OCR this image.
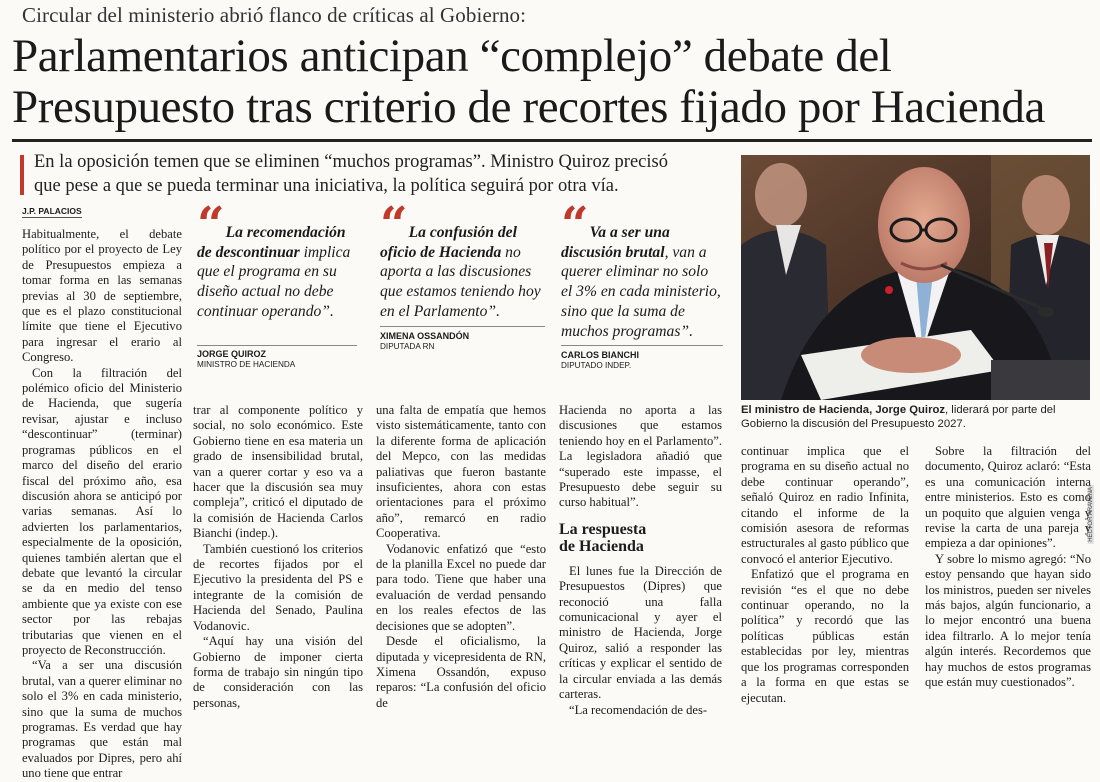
Circular del ministerio abrió flanco de críticas al Gobierno:
Parlamentarios anticipan “complejo” debate del
Presupuesto tras criterio de recortes fijado por Hacienda
En la oposición temen que se eliminen “muchos programas”. Ministro Quiroz precisó
que pese a que se pueda terminar una iniciativa, la política seguirá por otra vía.
J.P. PALACIOS

Habitualmente, el debate político por el proyecto de Ley de Presupuestos empieza a tomar forma en las semanas previas al 30 de septiembre, que es el plazo constitucional límite que tiene el Ejecutivo para ingresar el erario al Congreso.

Con la filtración del polémico oficio del Ministerio de Hacienda, que sugería revisar, ajustar e incluso “descontinuar” (terminar) programas públicos en el marco del diseño del erario fiscal del próximo año, esa discusión ahora se anticipó por varias semanas. Así lo advierten los parlamentarios, especialmente de la oposición, quienes también alertan que el debate que levantó la circular se da en medio del tenso ambiente que ya existe con ese sector por las rebajas tributarias que vienen en el proyecto de Reconstrucción.

“Va a ser una discusión brutal, van a querer eliminar no solo el 3% en cada ministerio, sino que la suma de muchos programas. Es verdad que hay programas que están mal evaluados por Dipres, pero ahí uno tiene que entrar

“ La recomendación de descontinuar implica que el programa en su diseño actual no debe continuar operando”.
JORGE QUIROZ
MINISTRO DE HACIENDA
“ La confusión del oficio de Hacienda no aporta a las discusiones que estamos teniendo hoy en el Parlamento”.
XIMENA OSSANDÓN
DIPUTADA RN
“ Va a ser una discusión brutal, van a querer eliminar no solo el 3% en cada ministerio, sino que la suma de muchos programas”.
CARLOS BIANCHI
DIPUTADO INDEP.

trar al componente político y social, no solo económico. Este Gobierno tiene en esa materia un grado de insensibilidad brutal, van a querer cortar y eso va a hacer que la discusión sea muy compleja”, criticó el diputado de la comisión de Hacienda Carlos Bianchi (indep.).

También cuestionó los criterios de recortes fijados por el Ejecutivo la presidenta del PS e integrante de la comisión de Hacienda del Senado, Paulina Vodanovic.

“Aquí hay una visión del Gobierno de imponer cierta forma de trabajo sin ningún tipo de consideración con las personas,

una falta de empatía que hemos visto sistemáticamente, tanto con la diferente forma de aplicación del Mepco, con las medidas paliativas que fueron bastante insuficientes, ahora con estas orientaciones para el próximo año”, remarcó en radio Cooperativa.

Vodanovic enfatizó que “esto de la planilla Excel no puede dar para todo. Tiene que haber una evaluación de verdad pensando en los reales efectos de las decisiones que se adopten”.

Desde el oficialismo, la diputada y vicepresidenta de RN, Ximena Ossandón, expuso reparos: “La confusión del oficio de

Hacienda no aporta a las discusiones que estamos teniendo hoy en el Parlamento”. La legisladora añadió que “superado este impasse, el Presupuesto debe seguir su curso habitual”.

La respuesta
de Hacienda

El lunes fue la Dirección de Presupuestos (Dipres) que reconoció una falla comunicacional y ayer el ministro de Hacienda, Jorge Quiroz, salió a responder las críticas y explicar el sentido de la circular enviada a las demás carteras.

“La recomendación de des-

HÉCTOR ARAVENA
El ministro de Hacienda, Jorge Quiroz, liderará por parte del Gobierno la discusión del Presupuesto 2027.

continuar implica que el programa en su diseño actual no debe continuar operando”, señaló Quiroz en radio Infinita, citando el informe de la comisión asesora de reformas estructurales al gasto público que convocó el anterior Ejecutivo.

Enfatizó que el programa en revisión “es el que no debe continuar operando, no la política” y recordó que las políticas públicas están establecidas por ley, mientras que los programas corresponden a la forma en que estas se ejecutan.

Sobre la filtración del documento, Quiroz aclaró: “Esta es una comunicación interna entre ministerios. Esto es como un poquito que alguien venga y revise la carta de una pareja y empieza a dar opiniones”.

Y sobre lo mismo agregó: “No estoy pensando que hayan sido los ministros, pueden ser niveles más bajos, algún funcionario, a lo mejor encontró una buena idea filtrarlo. A lo mejor tenía algún interés. Recordemos que hay muchos de estos programas que están muy cuestionados”.
